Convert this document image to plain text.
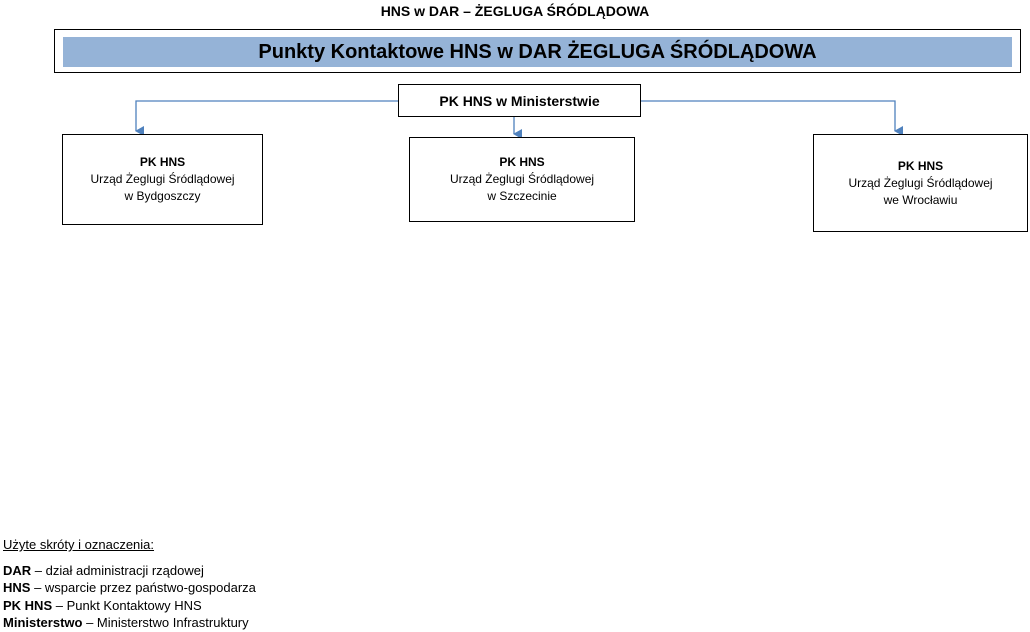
HNS w DAR – ŻEGLUGA ŚRÓDLĄDOWA
Punkty Kontaktowe HNS w DAR ŻEGLUGA ŚRÓDLĄDOWA
PK HNS w Ministerstwie
PK HNS
Urząd Żeglugi Śródlądowej
w Bydgoszczy
PK HNS
Urząd Żeglugi Śródlądowej
w Szczecinie
PK HNS
Urząd Żeglugi Śródlądowej
we Wrocławiu
Użyte skróty i oznaczenia:
DAR – dział administracji rządowej
HNS – wsparcie przez państwo-gospodarza
PK HNS – Punkt Kontaktowy HNS
Ministerstwo – Ministerstwo Infrastruktury
